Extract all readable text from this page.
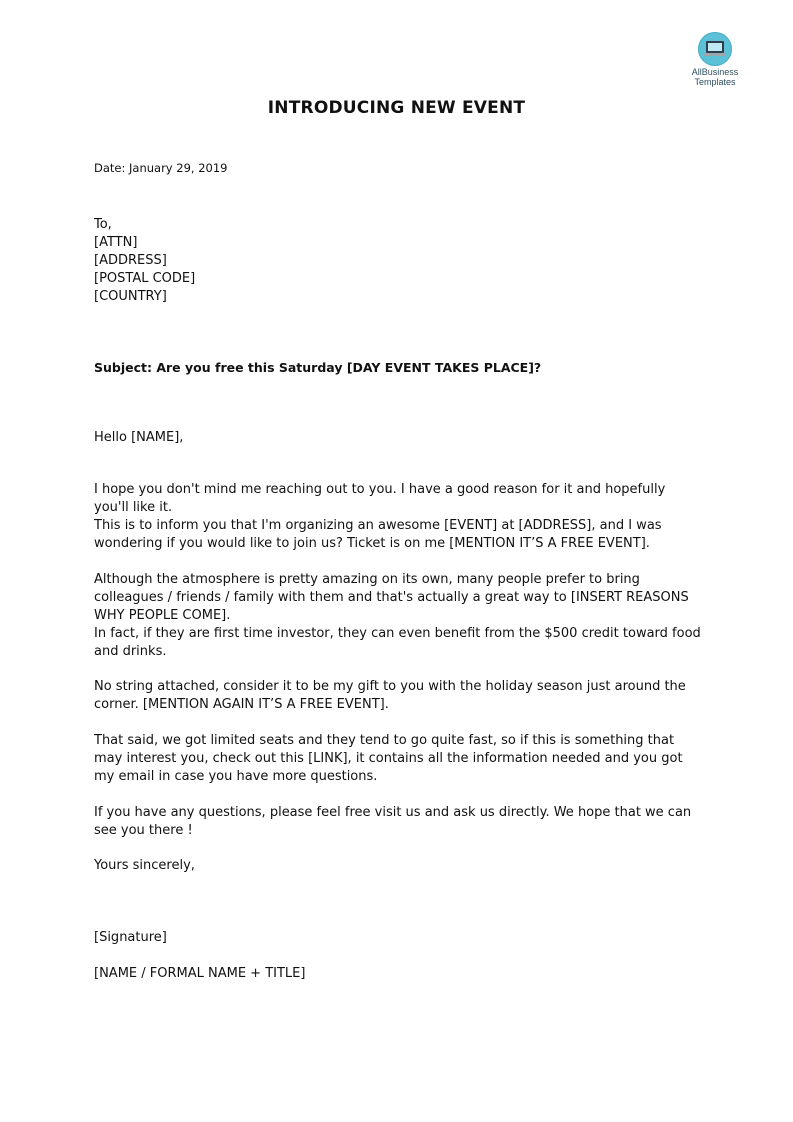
AllBusiness
Templates
INTRODUCING NEW EVENT
Date: January 29, 2019
To,
[ATTN]
[ADDRESS]
[POSTAL CODE]
[COUNTRY]
Subject: Are you free this Saturday [DAY EVENT TAKES PLACE]?
Hello [NAME],

I hope you don't mind me reaching out to you. I have a good reason for it and hopefully you'll like it.

This is to inform you that I'm organizing an awesome [EVENT] at [ADDRESS], and I was wondering if you would like to join us? Ticket is on me [MENTION IT’S A FREE EVENT].

Although the atmosphere is pretty amazing on its own, many people prefer to bring colleagues / friends / family with them and that's actually a great way to [INSERT REASONS WHY PEOPLE COME].

In fact, if they are first time investor, they can even benefit from the $500 credit toward food and drinks.

No string attached, consider it to be my gift to you with the holiday season just around the corner. [MENTION AGAIN IT’S A FREE EVENT].

That said, we got limited seats and they tend to go quite fast, so if this is something that may interest you, check out this [LINK], it contains all the information needed and you got my email in case you have more questions.

If you have any questions, please feel free visit us and ask us directly. We hope that we can see you there !

Yours sincerely,
[Signature]
[NAME / FORMAL NAME + TITLE]
